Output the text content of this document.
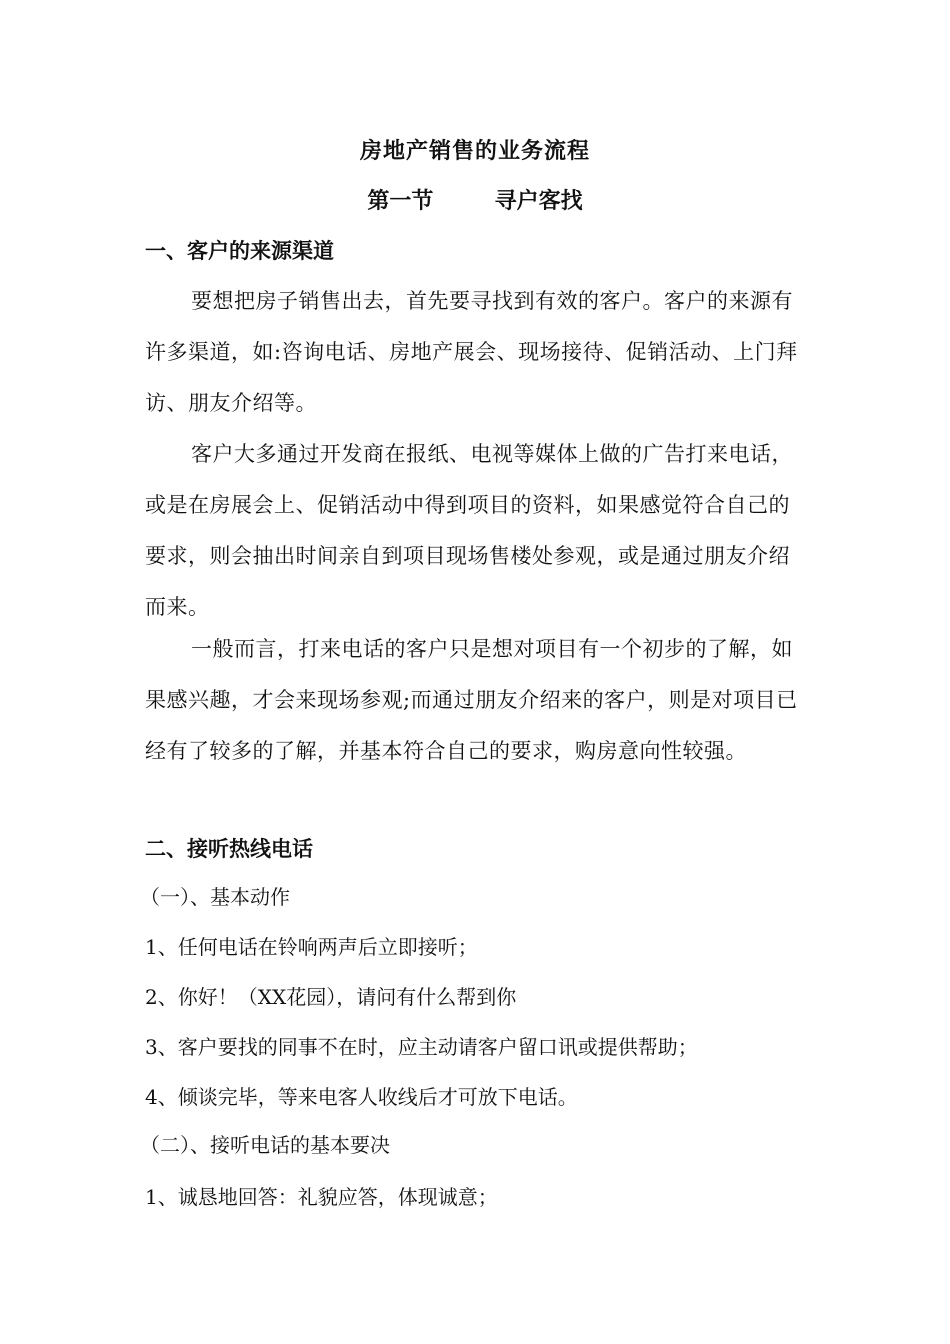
房地产销售的业务流程
第一节        寻户客找
一、客户的来源渠道
要想把房子销售出去，首先要寻找到有效的客户。客户的来源有许多渠道，如:咨询电话、房地产展会、现场接待、促销活动、上门拜访、朋友介绍等。
客户大多通过开发商在报纸、电视等媒体上做的广告打来电话，或是在房展会上、促销活动中得到项目的资料，如果感觉符合自己的要求，则会抽出时间亲自到项目现场售楼处参观，或是通过朋友介绍而来。
一般而言，打来电话的客户只是想对项目有一个初步的了解，如果感兴趣，才会来现场参观;而通过朋友介绍来的客户，则是对项目已经有了较多的了解，并基本符合自己的要求，购房意向性较强。
二、接听热线电话
（一）、基本动作
1、任何电话在铃响两声后立即接听；
2、你好！（XX花园），请问有什么帮到你
3、客户要找的同事不在时，应主动请客户留口讯或提供帮助；
4、倾谈完毕，等来电客人收线后才可放下电话。
（二）、接听电话的基本要决
1、诚恳地回答：礼貌应答，体现诚意；
